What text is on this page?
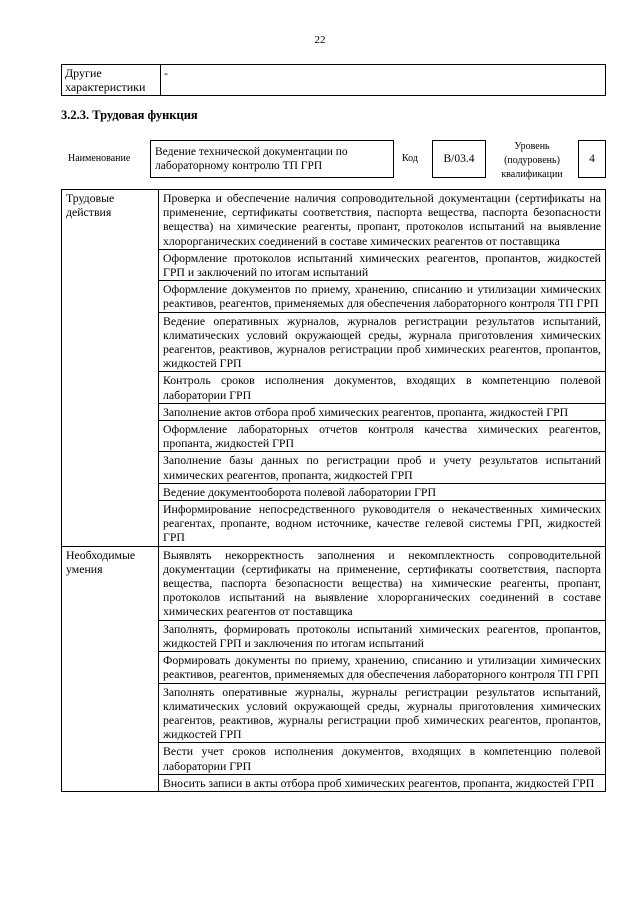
22
Другие характеристики	-
3.2.3. Трудовая функция
Наименование
Ведение технической документации по лабораторному контролю ТП ГРП
Код В/03.4
Уровень (подуровень) квалификации
4
Трудовые действия	Проверка и обеспечение наличия сопроводительной документации (сертификаты на применение, сертификаты соответствия, паспорта вещества, паспорта безопасности вещества) на химические реагенты, пропант, протоколов испытаний на выявление хлорорганических соединений в составе химических реагентов от поставщика
	Оформление протоколов испытаний химических реагентов, пропантов, жидкостей ГРП и заключений по итогам испытаний
	Оформление документов по приему, хранению, списанию и утилизации химических реактивов, реагентов, применяемых для обеспечения лабораторного контроля ТП ГРП
	Ведение оперативных журналов, журналов регистрации результатов испытаний, климатических условий окружающей среды, журнала приготовления химических реагентов, реактивов, журналов регистрации проб химических реагентов, пропантов, жидкостей ГРП
	Контроль сроков исполнения документов, входящих в компетенцию полевой лаборатории ГРП
	Заполнение актов отбора проб химических реагентов, пропанта, жидкостей ГРП
	Оформление лабораторных отчетов контроля качества химических реагентов, пропанта, жидкостей ГРП
	Заполнение базы данных по регистрации проб и учету результатов испытаний химических реагентов, пропанта, жидкостей ГРП
	Ведение документооборота полевой лаборатории ГРП
	Информирование непосредственного руководителя о некачественных химических реагентах, пропанте, водном источнике, качестве гелевой системы ГРП, жидкостей ГРП
Необходимые умения	Выявлять некорректность заполнения и некомплектность сопроводительной документации (сертификаты на применение, сертификаты соответствия, паспорта вещества, паспорта безопасности вещества) на химические реагенты, пропант, протоколов испытаний на выявление хлорорганических соединений в составе химических реагентов от поставщика
	Заполнять, формировать протоколы испытаний химических реагентов, пропантов, жидкостей ГРП и заключения по итогам испытаний
	Формировать документы по приему, хранению, списанию и утилизации химических реактивов, реагентов, применяемых для обеспечения лабораторного контроля ТП ГРП
	Заполнять оперативные журналы, журналы регистрации результатов испытаний, климатических условий окружающей среды, журналы приготовления химических реагентов, реактивов, журналы регистрации проб химических реагентов, пропантов, жидкостей ГРП
	Вести учет сроков исполнения документов, входящих в компетенцию полевой лаборатории ГРП
	Вносить записи в акты отбора проб химических реагентов, пропанта, жидкостей ГРП
